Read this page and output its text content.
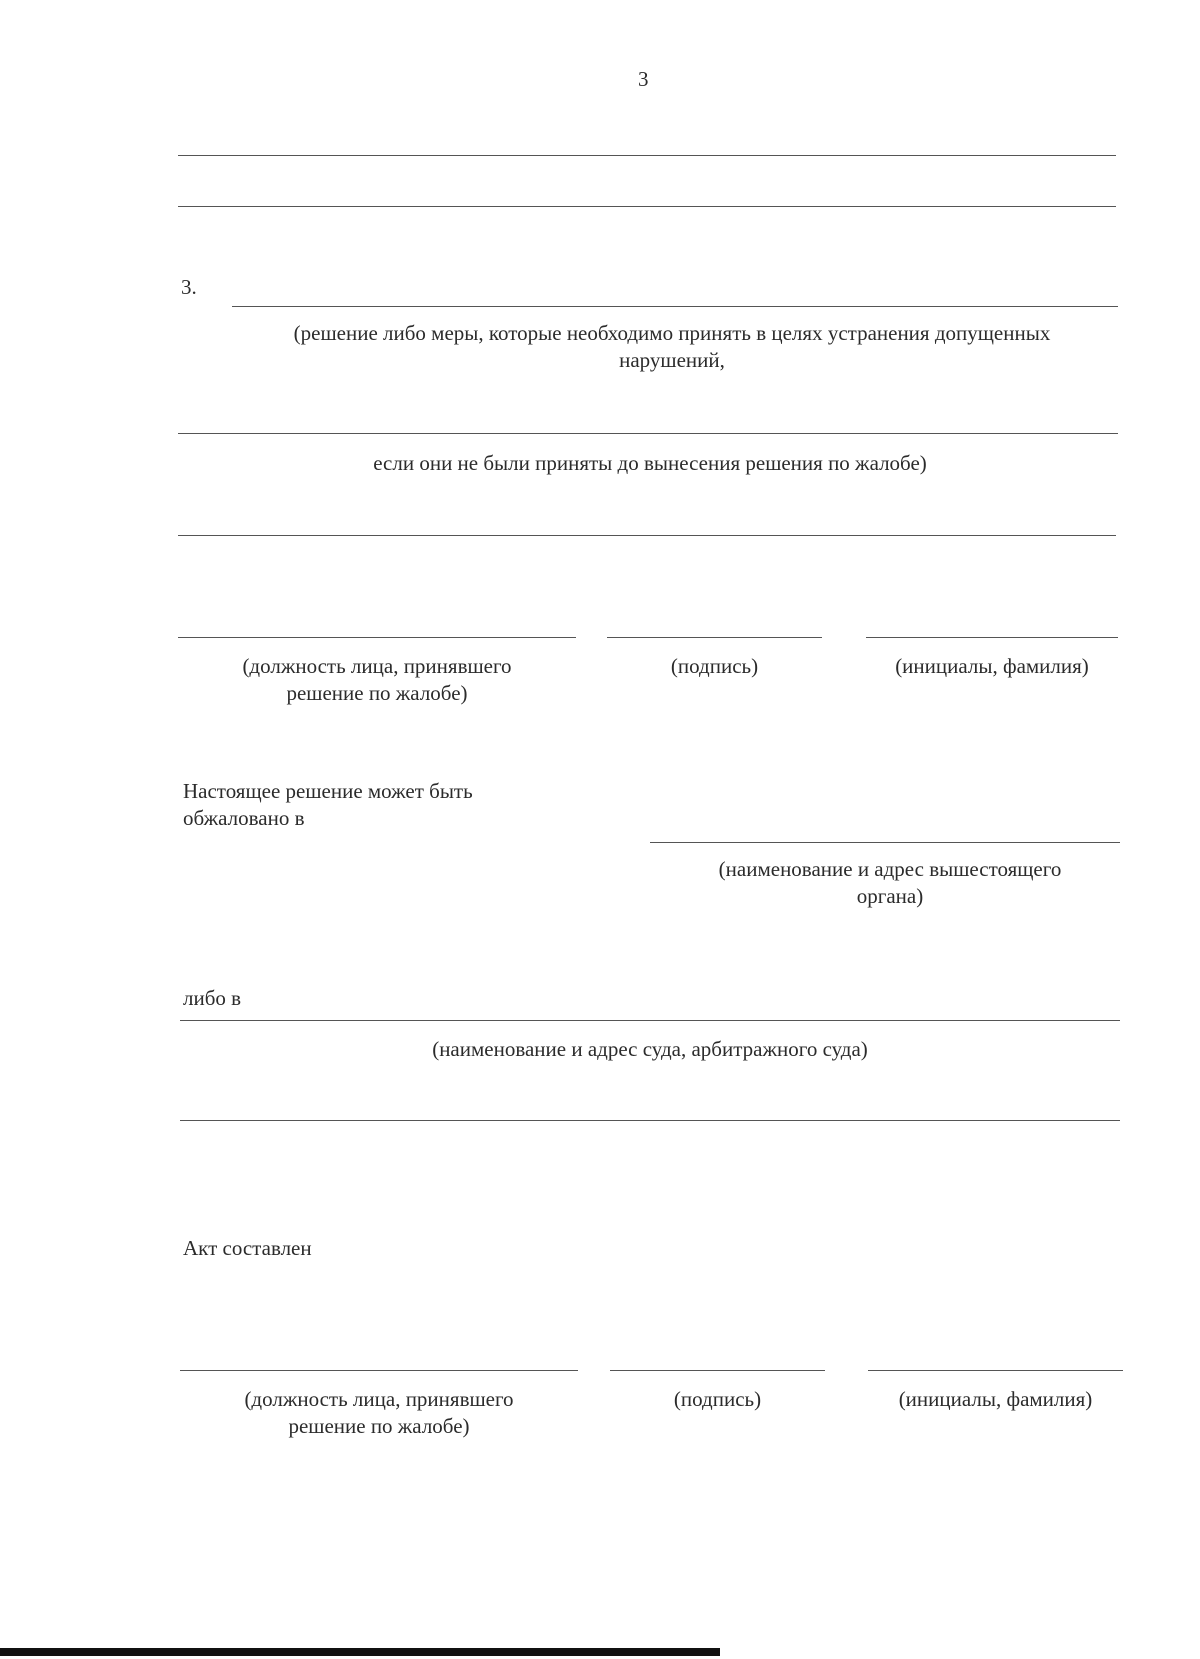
3
3.
(решение либо меры, которые необходимо принять в целях устранения допущенных
нарушений,
если они не были приняты до вынесения решения по жалобе)
(должность лица, принявшего
решение по жалобе)
(подпись)	(инициалы, фамилия)
Настоящее решение может быть
обжаловано в
(наименование и адрес вышестоящего
органа)
либо в
(наименование и адрес суда, арбитражного суда)
Акт составлен
(должность лица, принявшего
решение по жалобе)
(подпись)	(инициалы, фамилия)
